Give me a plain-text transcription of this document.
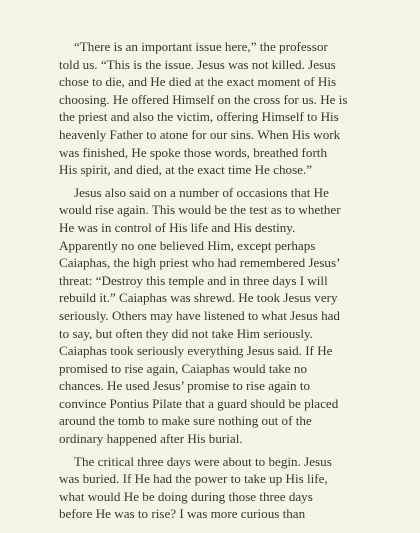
“There is an important issue here,” the professor
told us. “This is the issue. Jesus was not killed. Jesus
chose to die, and He died at the exact moment of His
choosing. He offered Himself on the cross for us. He is
the priest and also the victim, offering Himself to His
heavenly Father to atone for our sins. When His work
was finished, He spoke those words, breathed forth
His spirit, and died, at the exact time He chose.”

Jesus also said on a number of occasions that He
would rise again. This would be the test as to whether
He was in control of His life and His destiny.
Apparently no one believed Him, except perhaps
Caiaphas, the high priest who had remembered Jesus’
threat: “Destroy this temple and in three days I will
rebuild it.” Caiaphas was shrewd. He took Jesus very
seriously. Others may have listened to what Jesus had
to say, but often they did not take Him seriously.
Caiaphas took seriously everything Jesus said. If He
promised to rise again, Caiaphas would take no
chances. He used Jesus’ promise to rise again to
convince Pontius Pilate that a guard should be placed
around the tomb to make sure nothing out of the
ordinary happened after His burial.

The critical three days were about to begin. Jesus
was buried. If He had the power to take up His life,
what would He be doing during those three days
before He was to rise? I was more curious than
